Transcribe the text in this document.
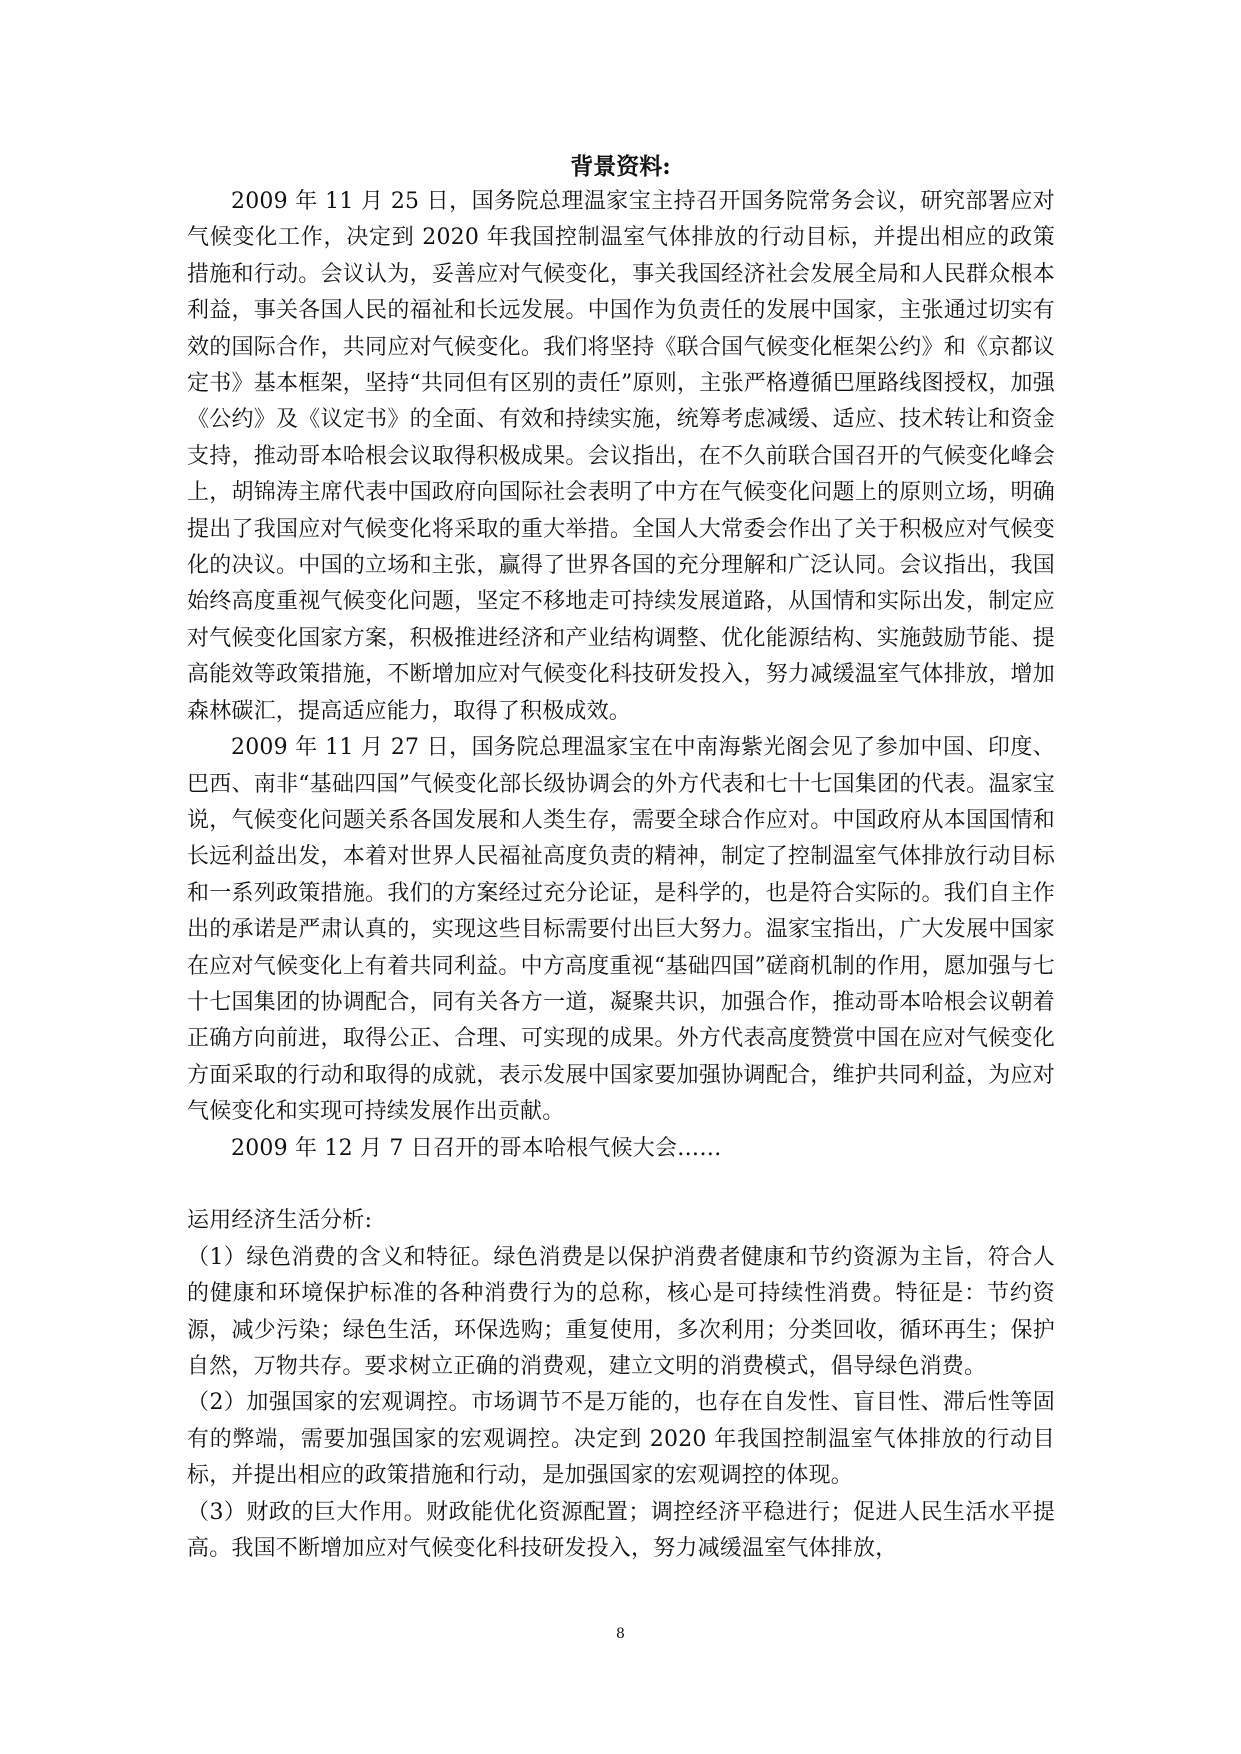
背景资料:

2009 年 11 月 25 日，国务院总理温家宝主持召开国务院常务会议，研究部署应对气候变化工作，决定到 2020 年我国控制温室气体排放的行动目标，并提出相应的政策措施和行动。会议认为，妥善应对气候变化，事关我国经济社会发展全局和人民群众根本利益，事关各国人民的福祉和长远发展。中国作为负责任的发展中国家，主张通过切实有效的国际合作，共同应对气候变化。我们将坚持《联合国气候变化框架公约》和《京都议定书》基本框架，坚持“共同但有区别的责任”原则，主张严格遵循巴厘路线图授权，加强《公约》及《议定书》的全面、有效和持续实施，统筹考虑减缓、适应、技术转让和资金支持，推动哥本哈根会议取得积极成果。会议指出，在不久前联合国召开的气候变化峰会上，胡锦涛主席代表中国政府向国际社会表明了中方在气候变化问题上的原则立场，明确提出了我国应对气候变化将采取的重大举措。全国人大常委会作出了关于积极应对气候变化的决议。中国的立场和主张，赢得了世界各国的充分理解和广泛认同。会议指出，我国始终高度重视气候变化问题，坚定不移地走可持续发展道路，从国情和实际出发，制定应对气候变化国家方案，积极推进经济和产业结构调整、优化能源结构、实施鼓励节能、提高能效等政策措施，不断增加应对气候变化科技研发投入，努力减缓温室气体排放，增加森林碳汇，提高适应能力，取得了积极成效。

2009 年 11 月 27 日，国务院总理温家宝在中南海紫光阁会见了参加中国、印度、巴西、南非“基础四国”气候变化部长级协调会的外方代表和七十七国集团的代表。温家宝说，气候变化问题关系各国发展和人类生存，需要全球合作应对。中国政府从本国国情和长远利益出发，本着对世界人民福祉高度负责的精神，制定了控制温室气体排放行动目标和一系列政策措施。我们的方案经过充分论证，是科学的，也是符合实际的。我们自主作出的承诺是严肃认真的，实现这些目标需要付出巨大努力。温家宝指出，广大发展中国家在应对气候变化上有着共同利益。中方高度重视“基础四国”磋商机制的作用，愿加强与七十七国集团的协调配合，同有关各方一道，凝聚共识，加强合作，推动哥本哈根会议朝着正确方向前进，取得公正、合理、可实现的成果。外方代表高度赞赏中国在应对气候变化方面采取的行动和取得的成就，表示发展中国家要加强协调配合，维护共同利益，为应对气候变化和实现可持续发展作出贡献。

2009 年 12 月 7 日召开的哥本哈根气候大会……

运用经济生活分析:

（1）绿色消费的含义和特征。绿色消费是以保护消费者健康和节约资源为主旨，符合人的健康和环境保护标准的各种消费行为的总称，核心是可持续性消费。特征是：节约资源，减少污染；绿色生活，环保选购；重复使用，多次利用；分类回收，循环再生；保护自然，万物共存。要求树立正确的消费观，建立文明的消费模式，倡导绿色消费。

（2）加强国家的宏观调控。市场调节不是万能的，也存在自发性、盲目性、滞后性等固有的弊端，需要加强国家的宏观调控。决定到 2020 年我国控制温室气体排放的行动目标，并提出相应的政策措施和行动，是加强国家的宏观调控的体现。

（3）财政的巨大作用。财政能优化资源配置；调控经济平稳进行；促进人民生活水平提高。我国不断增加应对气候变化科技研发投入，努力减缓温室气体排放，

8
